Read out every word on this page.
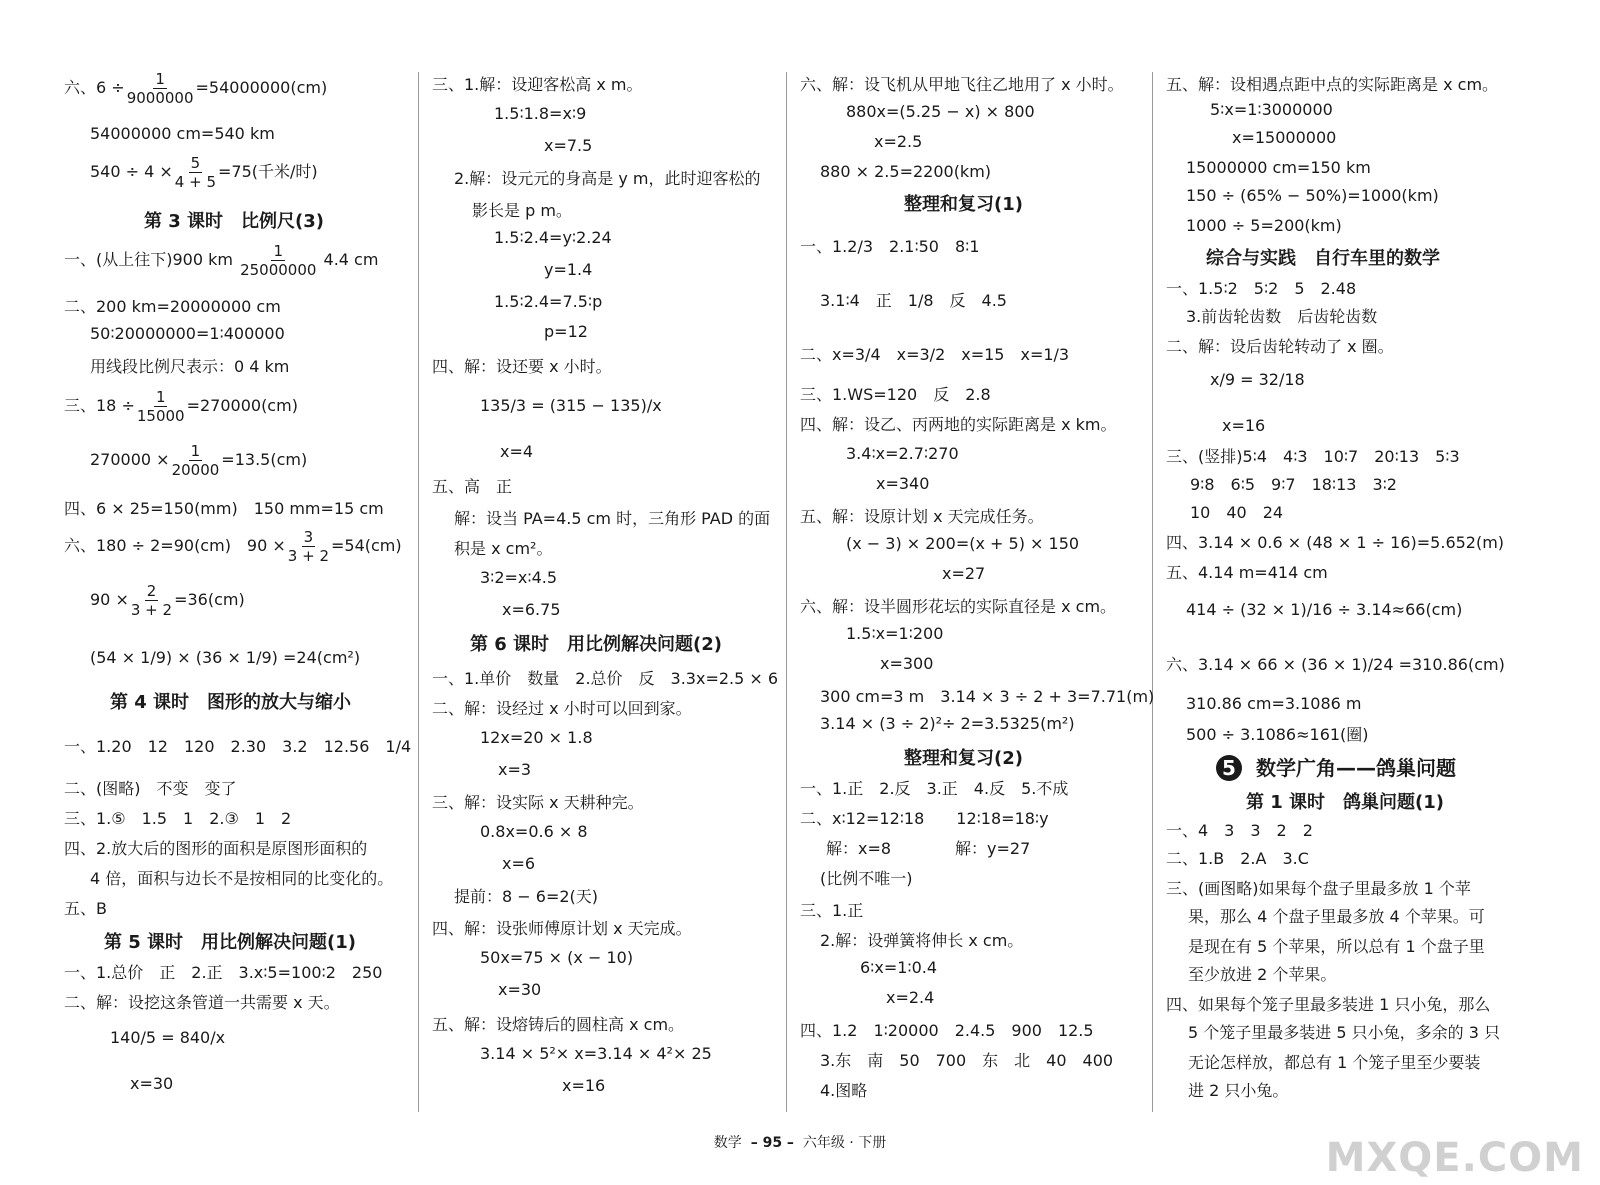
六、$6 \div \frac{1}{9000000} =54000000(cm)$
54000000 cm=540 km
$540 \div 4 \times \frac{5}{4 + 5} =75$(千米/时)
第 3 课时　比例尺(3)
一、(从上往下)900 km $\frac{1}{25000000} 4.4$ cm
二、200 km=20000000 cm
50∶20000000=1∶400000
用线段比例尺表示：0 4 km
三、$18 \div \frac{1}{15000} =270000(cm)$
$270000 \times \frac{1}{20000} =13.5(cm)$
四、6 × 25=150(mm)　150 mm=15 cm
六、180 ÷ 2=90(cm)　$90 \times \frac{3}{3 + 2} =54(cm)$
$90 \times \frac{2}{3 + 2} =36(cm)$
(54 × 1/9) × (36 × 1/9) =24(cm²)
第 4 课时　图形的放大与缩小
一、1.20　12　120　2.30　3.2　12.56　1/4
二、(图略)　不变　变了
三、1.⑤　1.5　1　2.③　1　2
四、2.放大后的图形的面积是原图形面积的
4 倍，面积与边长不是按相同的比变化的。
五、B
第 5 课时　用比例解决问题(1)
一、1.总价　正　2.正　3.x∶5=100∶2　250
二、解：设挖这条管道一共需要 x 天。
140/5 = 840/x
x=30
三、1.解：设迎客松高 x m。
1.5∶1.8=x∶9
x=7.5
2.解：设元元的身高是 y m，此时迎客松的
影长是 p m。
1.5∶2.4=y∶2.24
y=1.4
1.5∶2.4=7.5∶p
p=12
四、解：设还要 x 小时。
135/3 = (315 − 135)/x
x=4
五、高　正
解：设当 PA=4.5 cm 时，三角形 PAD 的面
积是 x cm²。
3∶2=x∶4.5
x=6.75
第 6 课时　用比例解决问题(2)
一、1.单价　数量　2.总价　反　3.3x=2.5 × 6
二、解：设经过 x 小时可以回到家。
12x=20 × 1.8
x=3
三、解：设实际 x 天耕种完。
0.8x=0.6 × 8
x=6
提前：8 − 6=2(天)
四、解：设张师傅原计划 x 天完成。
50x=75 × (x − 10)
x=30
五、解：设熔铸后的圆柱高 x cm。
3.14 × 5²× x=3.14 × 4²× 25
x=16
六、解：设飞机从甲地飞往乙地用了 x 小时。
880x=(5.25 − x) × 800
x=2.5
880 × 2.5=2200(km)
整理和复习(1)
一、1.2/3　2.1∶50　8∶1
3.1∶4　正　1/8　反　4.5
二、x=3/4　x=3/2　x=15　x=1/3
三、1.WS=120　反　2.8
四、解：设乙、丙两地的实际距离是 x km。
3.4∶x=2.7∶270
x=340
五、解：设原计划 x 天完成任务。
(x − 3) × 200=(x + 5) × 150
x=27
六、解：设半圆形花坛的实际直径是 x cm。
1.5∶x=1∶200
x=300
300 cm=3 m　3.14 × 3 ÷ 2 + 3=7.71(m)
3.14 × (3 ÷ 2)²÷ 2=3.5325(m²)
整理和复习(2)
一、1.正　2.反　3.正　4.反　5.不成
二、x∶12=12∶18　　12∶18=18∶y
解：x=8　　　　解：y=27
(比例不唯一)
三、1.正
2.解：设弹簧将伸长 x cm。
6∶x=1∶0.4
x=2.4
四、1.2　1∶20000　2.4.5　900　12.5
3.东　南　50　700　东　北　40　400
4.图略
五、解：设相遇点距中点的实际距离是 x cm。
5∶x=1∶3000000
x=15000000
15000000 cm=150 km
150 ÷ (65% − 50%)=1000(km)
1000 ÷ 5=200(km)
综合与实践　自行车里的数学
一、1.5∶2　5∶2　5　2.48
3.前齿轮齿数　后齿轮齿数
二、解：设后齿轮转动了 x 圈。
x/9 = 32/18
x=16
三、(竖排)5∶4　4∶3　10∶7　20∶13　5∶3
9∶8　6∶5　9∶7　18∶13　3∶2
10　40　24
四、3.14 × 0.6 × (48 × 1 ÷ 16)=5.652(m)
五、4.14 m=414 cm
414 ÷ (32 × 1)/16 ÷ 3.14≈66(cm)
六、3.14 × 66 × (36 × 1)/24 =310.86(cm)
310.86 cm=3.1086 m
500 ÷ 3.1086≈161(圈)
5 数学广角——鸽巢问题
第 1 课时　鸽巢问题(1)
一、4　3　3　2　2
二、1.B　2.A　3.C
三、(画图略)如果每个盘子里最多放 1 个苹
果，那么 4 个盘子里最多放 4 个苹果。可
是现在有 5 个苹果，所以总有 1 个盘子里
至少放进 2 个苹果。
四、如果每个笼子里最多装进 1 只小兔，那么
5 个笼子里最多装进 5 只小兔，多余的 3 只
无论怎样放，都总有 1 个笼子里至少要装
进 2 只小兔。
数学 – 95 – 六年级 · 下册	MXQE.COM
